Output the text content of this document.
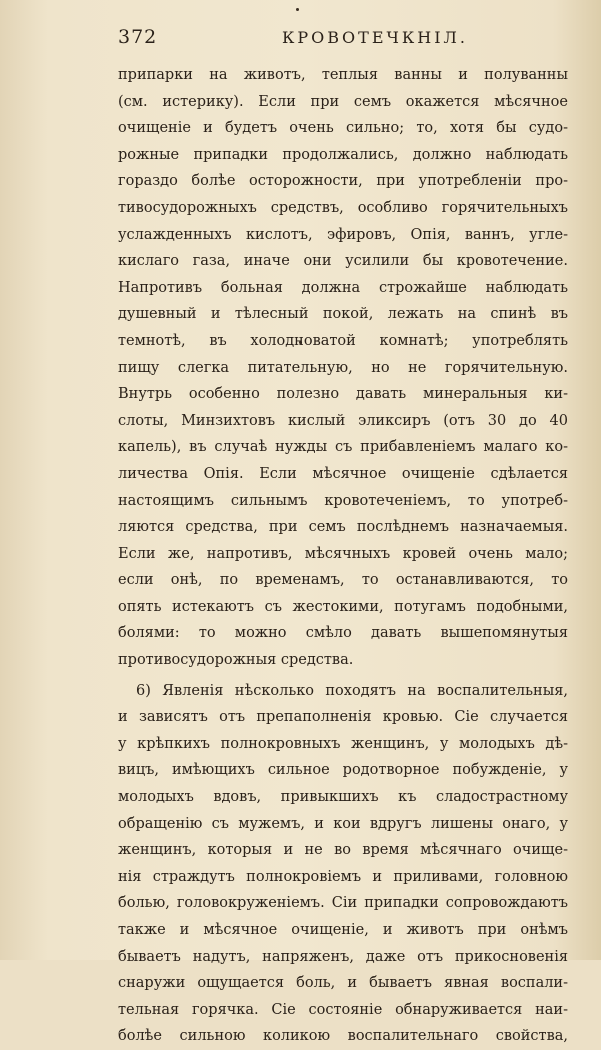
372	КРОВОТЕЧКНІЛ.
припарки на животъ, теплыя ванны и полуванны
(см. истерику). Если при семъ окажется мѣсячное
очищеніе и будетъ очень сильно; то, хотя бы судо-
рожные припадки продолжались, должно наблюдать
гораздо болѣе осторожности, при употребленіи про-
тивосудорожныхъ средствъ, особливо горячительныхъ
услажденныхъ кислотъ, эфировъ, Опія, ваннъ, угле-
кислаго газа, иначе они усилили бы кровотечение.
Напротивъ больная должна строжайше наблюдать
душевный и тѣлесный покой, лежать на спинѣ въ
темнотѣ, въ холодноватой комнатѣ; употреблять
пищу слегка питательную, но не горячительную.
Внутрь особенно полезно давать минеральныя ки-
слоты, Минзихтовъ кислый эликсиръ (отъ 30 до 40
капель), въ случаѣ нужды съ прибавленіемъ малаго ко-
личества Опія. Если мѣсячное очищеніе сдѣлается
настоящимъ сильнымъ кровотеченіемъ, то употреб-
ляются средства, при семъ послѣднемъ назначаемыя.
Если же, напротивъ, мѣсячныхъ кровей очень мало;
если онѣ, по временамъ, то останавливаются, то
опять истекаютъ съ жестокими, потугамъ подобными,
болями: то можно смѣло давать вышепомянутыя
противосудорожныя средства.
6) Явленія нѣсколько походятъ на воспалительныя,
и зависятъ отъ препаполненія кровью. Сіе случается
у крѣпкихъ полнокровныхъ женщинъ, у молодыхъ дѣ-
вицъ, имѣющихъ сильное родотворное побужденіе, у
молодыхъ вдовъ, привыкшихъ къ сладострастному
обращенію съ мужемъ, и кои вдругъ лишены онаго, у
женщинъ, которыя и не во время мѣсячнаго очище-
нія страждутъ полнокровіемъ и приливами, головною
болью, головокруженіемъ. Сіи припадки сопровождаютъ
также и мѣсячное очищеніе, и животъ при онѣмъ
бываетъ надутъ, напряженъ, даже отъ прикосновенія
снаружи ощущается боль, и бываетъ явная воспали-
тельная горячка. Сіе состояніе обнаруживается наи-
болѣе сильною коликою воспалительнаго свойства,
